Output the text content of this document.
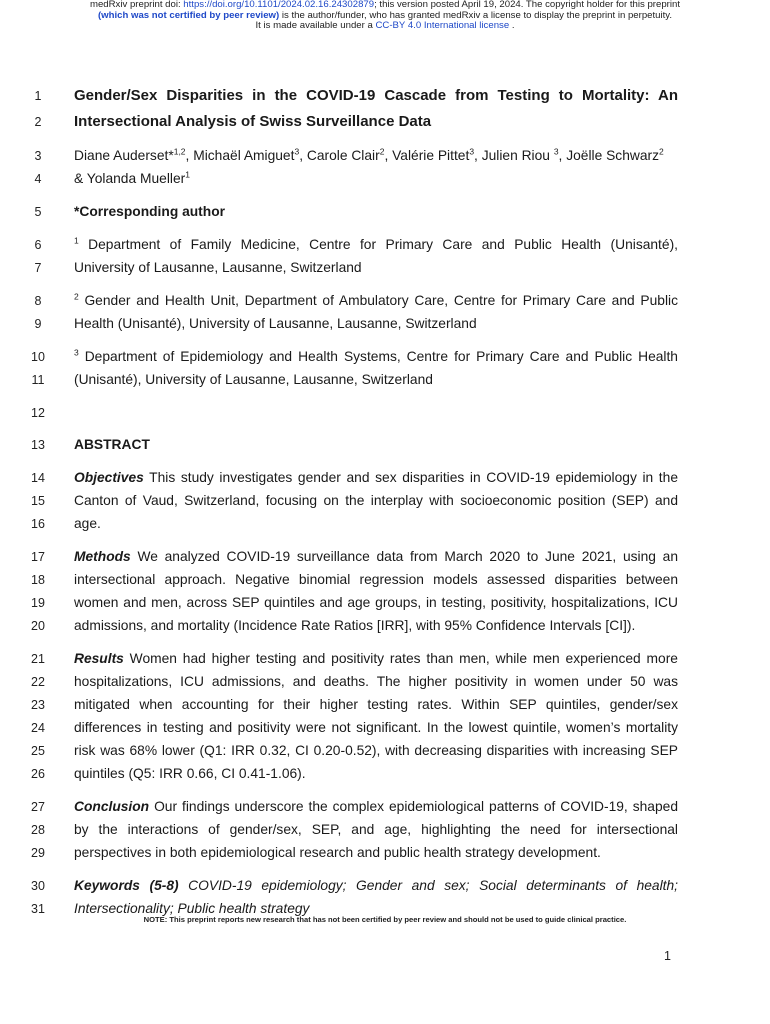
medRxiv preprint doi: https://doi.org/10.1101/2024.02.16.24302879; this version posted April 19, 2024. The copyright holder for this preprint
(which was not certified by peer review) is the author/funder, who has granted medRxiv a license to display the preprint in perpetuity.
It is made available under a CC-BY 4.0 International license .
1	Gender/Sex Disparities in the COVID-19 Cascade from Testing to Mortality: An
2	Intersectional Analysis of Swiss Surveillance Data
3	Diane Auderset*$^{1,2}$, Michaël Amiguet$^3$, Carole Clair$^2$, Valérie Pittet$^3$, Julien Riou $^3$, Joëlle Schwarz$^2$
4	& Yolanda Mueller$^1$
5	*Corresponding author
6	$^1$ Department of Family Medicine, Centre for Primary Care and Public Health (Unisanté),
7	University of Lausanne, Lausanne, Switzerland
8	$^2$ Gender and Health Unit, Department of Ambulatory Care, Centre for Primary Care and Public
9	Health (Unisanté), University of Lausanne, Lausanne, Switzerland
10	$^3$ Department of Epidemiology and Health Systems, Centre for Primary Care and Public Health
11	(Unisanté), University of Lausanne, Lausanne, Switzerland
12
13	ABSTRACT
14	Objectives This study investigates gender and sex disparities in COVID-19 epidemiology in the
15	Canton of Vaud, Switzerland, focusing on the interplay with socioeconomic position (SEP) and
16	age.
17	Methods We analyzed COVID-19 surveillance data from March 2020 to June 2021, using an
18	intersectional approach. Negative binomial regression models assessed disparities between
19	women and men, across SEP quintiles and age groups, in testing, positivity, hospitalizations, ICU
20	admissions, and mortality (Incidence Rate Ratios [IRR], with 95% Confidence Intervals [CI]).
21	Results Women had higher testing and positivity rates than men, while men experienced more
22	hospitalizations, ICU admissions, and deaths. The higher positivity in women under 50 was
23	mitigated when accounting for their higher testing rates. Within SEP quintiles, gender/sex
24	differences in testing and positivity were not significant. In the lowest quintile, women’s mortality
25	risk was 68% lower (Q1: IRR 0.32, CI 0.20-0.52), with decreasing disparities with increasing SEP
26	quintiles (Q5: IRR 0.66, CI 0.41-1.06).
27	Conclusion Our findings underscore the complex epidemiological patterns of COVID-19, shaped
28	by the interactions of gender/sex, SEP, and age, highlighting the need for intersectional
29	perspectives in both epidemiological research and public health strategy development.
30	Keywords (5-8) COVID-19 epidemiology; Gender and sex; Social determinants of health;
31	Intersectionality; Public health strategy
NOTE: This preprint reports new research that has not been certified by peer review and should not be used to guide clinical practice.
1
